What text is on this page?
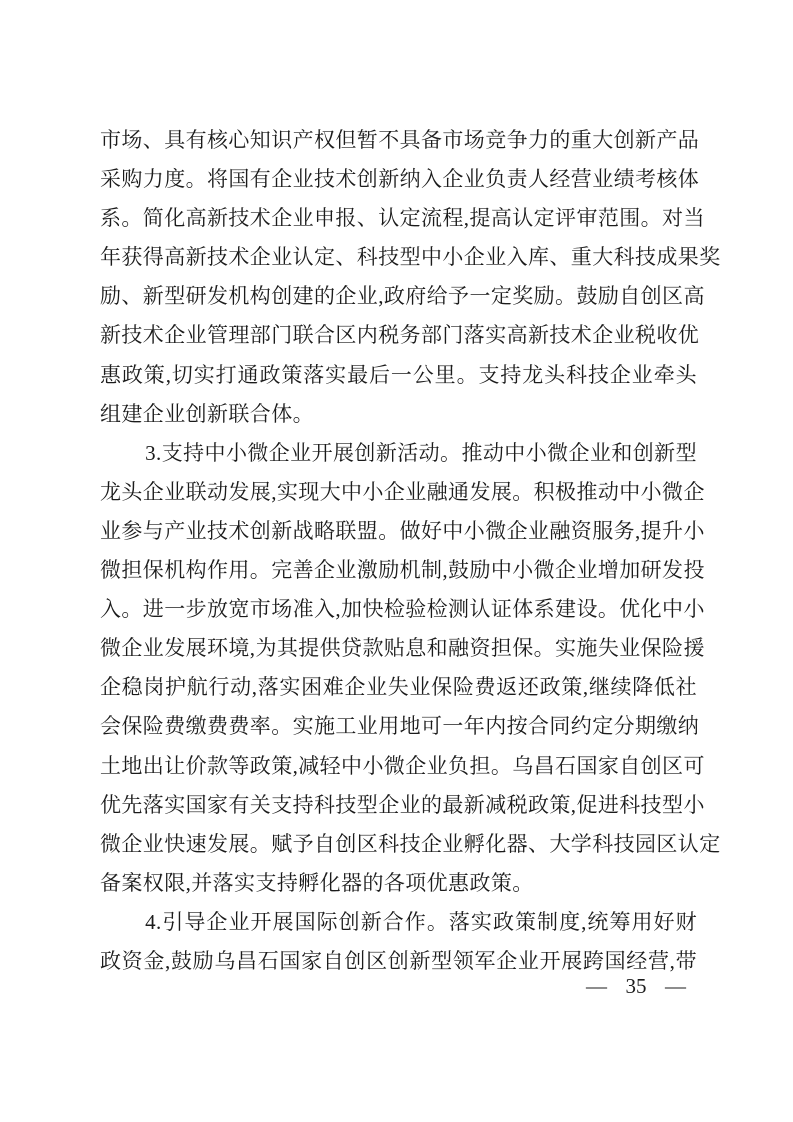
市场、具有核心知识产权但暂不具备市场竞争力的重大创新产品
采购力度。将国有企业技术创新纳入企业负责人经营业绩考核体
系。简化高新技术企业申报、认定流程,提高认定评审范围。对当
年获得高新技术企业认定、科技型中小企业入库、重大科技成果奖
励、新型研发机构创建的企业,政府给予一定奖励。鼓励自创区高
新技术企业管理部门联合区内税务部门落实高新技术企业税收优
惠政策,切实打通政策落实最后一公里。支持龙头科技企业牵头
组建企业创新联合体。
3.支持中小微企业开展创新活动。推动中小微企业和创新型
龙头企业联动发展,实现大中小企业融通发展。积极推动中小微企
业参与产业技术创新战略联盟。做好中小微企业融资服务,提升小
微担保机构作用。完善企业激励机制,鼓励中小微企业增加研发投
入。进一步放宽市场准入,加快检验检测认证体系建设。优化中小
微企业发展环境,为其提供贷款贴息和融资担保。实施失业保险援
企稳岗护航行动,落实困难企业失业保险费返还政策,继续降低社
会保险费缴费费率。实施工业用地可一年内按合同约定分期缴纳
土地出让价款等政策,减轻中小微企业负担。乌昌石国家自创区可
优先落实国家有关支持科技型企业的最新减税政策,促进科技型小
微企业快速发展。赋予自创区科技企业孵化器、大学科技园区认定
备案权限,并落实支持孵化器的各项优惠政策。
4.引导企业开展国际创新合作。落实政策制度,统筹用好财
政资金,鼓励乌昌石国家自创区创新型领军企业开展跨国经营,带
— 35 —
